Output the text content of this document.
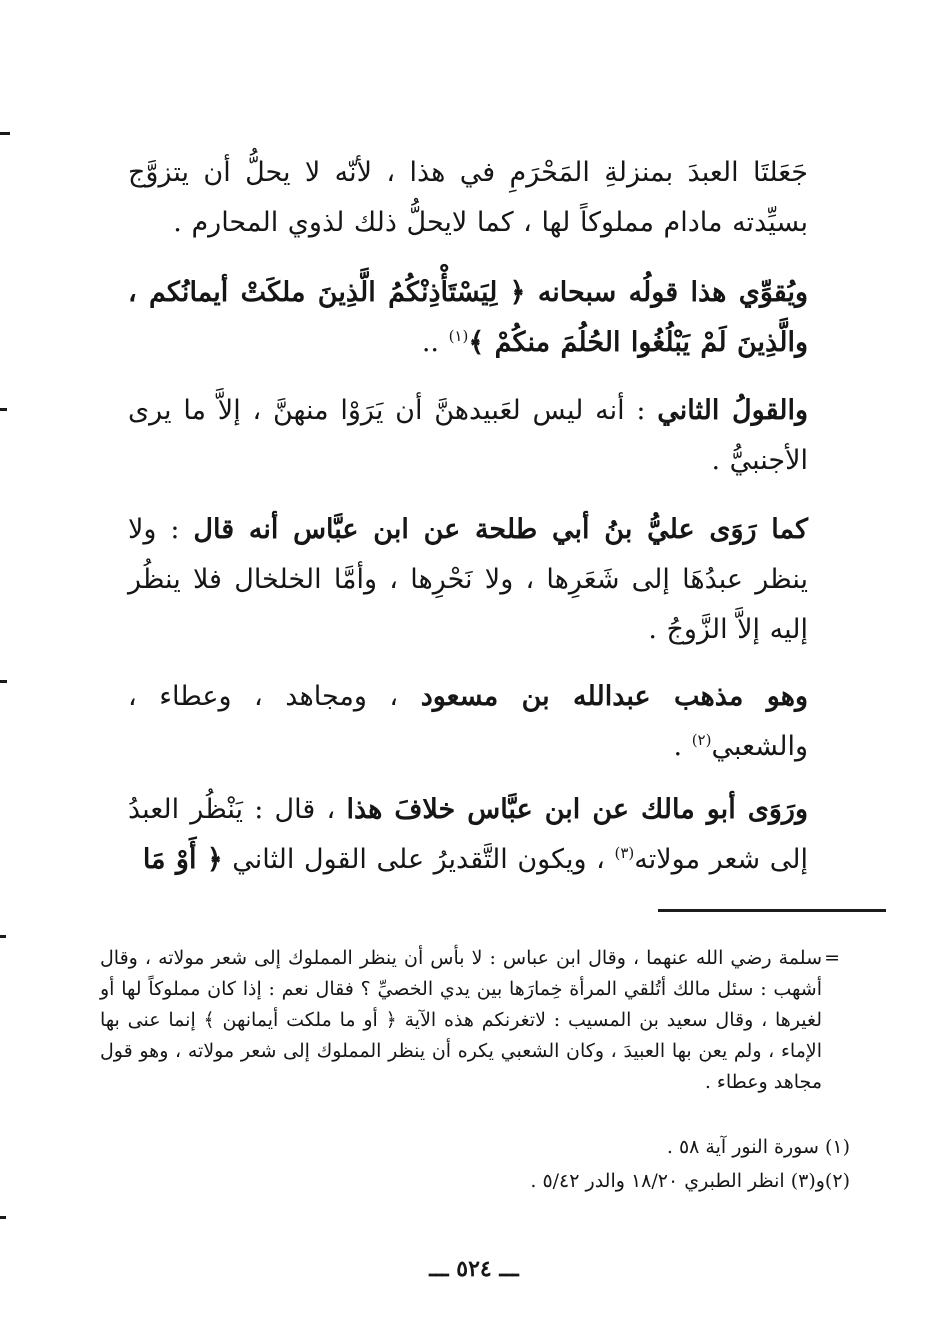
جَعَلتَا العبدَ بمنزلةِ المَحْرَمِ في هذا ، لأنّه لا يحلُّ أن يتزوَّج بسيِّدته مادام مملوكاً لها ، كما لايحلُّ ذلك لذوي المحارم .

ويُقوِّي هذا قولُه سبحانه ﴿ لِيَسْتَأْذِنْكُمُ الَّذِينَ ملكَتْ أيمانُكم ، والَّذِينَ لَمْ يَبْلُغُوا الحُلُمَ منكُمْ ﴾$^{(١)}$ ..

والقولُ الثاني : أنه ليس لعَبيدهنَّ أن يَرَوْا منهنَّ ، إلاَّ ما يرى الأجنبيُّ .

كما رَوَى عليُّ بنُ أبي طلحة عن ابن عبَّاس أنه قال : ولا ينظر عبدُهَا إلى شَعَرِها ، ولا نَحْرِها ، وأمَّا الخلخال فلا ينظُر إليه إلاَّ الزَّوجُ .

وهو مذهب عبدالله بن مسعود ، ومجاهد ، وعطاء ، والشعبي$^{(٢)}$ .

ورَوَى أبو مالك عن ابن عبَّاس خلافَ هذا ، قال : يَنْظُر العبدُ إلى شعر مولاته$^{(٣)}$ ، ويكون التَّقديرُ على القول الثاني ﴿ أَوْ مَا

=

سلمة رضي الله عنهما ، وقال ابن عباس : لا بأس أن ينظر المملوك إلى شعر مولاته ، وقال أشهب : سئل مالك أتُلقي المرأة خِمارَها بين يدي الخصيِّ ؟ فقال نعم : إذا كان مملوكاً لها أو لغيرها ، وقال سعيد بن المسيب : لاتغرنكم هذه الآية ﴿ أو ما ملكت أيمانهن ﴾ إنما عنى بها الإماء ، ولم يعن بها العبيدَ ، وكان الشعبي يكره أن ينظر المملوك إلى شعر مولاته ، وهو قول مجاهد وعطاء .

(١) سورة النور آية ٥٨ .
(٢)و(٣) انظر الطبري ١٨/٢٠ والدر ٥/٤٢ .
ـــ ٥٢٤ ـــ
